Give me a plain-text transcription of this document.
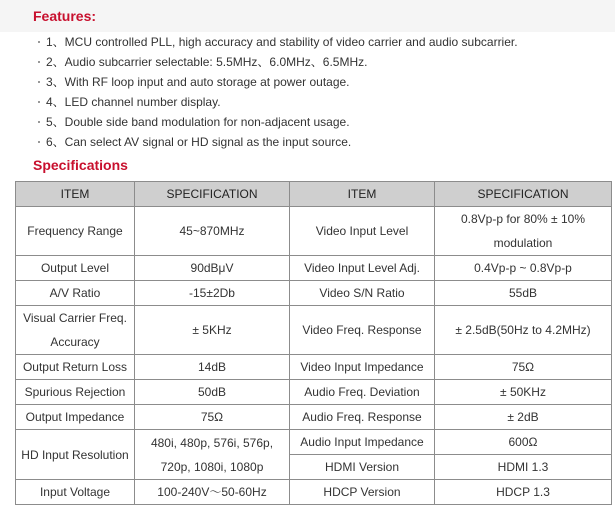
Features:
1、MCU controlled PLL, high accuracy and stability of video carrier and audio subcarrier.
2、Audio subcarrier selectable: 5.5MHz、6.0MHz、6.5MHz.
3、With RF loop input and auto storage at power outage.
4、LED channel number display.
5、Double side band modulation for non-adjacent usage.
6、Can select AV signal or HD signal as the input source.
Specifications
ITEM	SPECIFICATION	ITEM	SPECIFICATION
Frequency Range	45~870MHz	Video Input Level	0.8Vp-p for 80% ± 10% modulation
Output Level	90dBμV	Video Input Level Adj.	0.4Vp-p ~ 0.8Vp-p
A/V Ratio	-15±2Db	Video S/N Ratio	55dB
Visual Carrier Freq. Accuracy	± 5KHz	Video Freq. Response	± 2.5dB(50Hz to 4.2MHz)
Output Return Loss	14dB	Video Input Impedance	75Ω
Spurious Rejection	50dB	Audio Freq. Deviation	± 50KHz
Output Impedance	75Ω	Audio Freq. Response	± 2dB
HD Input Resolution	480i, 480p, 576i, 576p, 720p, 1080i, 1080p	Audio Input Impedance	600Ω
		HDMI Version	HDMI 1.3
Input Voltage	100-240V～50-60Hz	HDCP Version	HDCP 1.3
